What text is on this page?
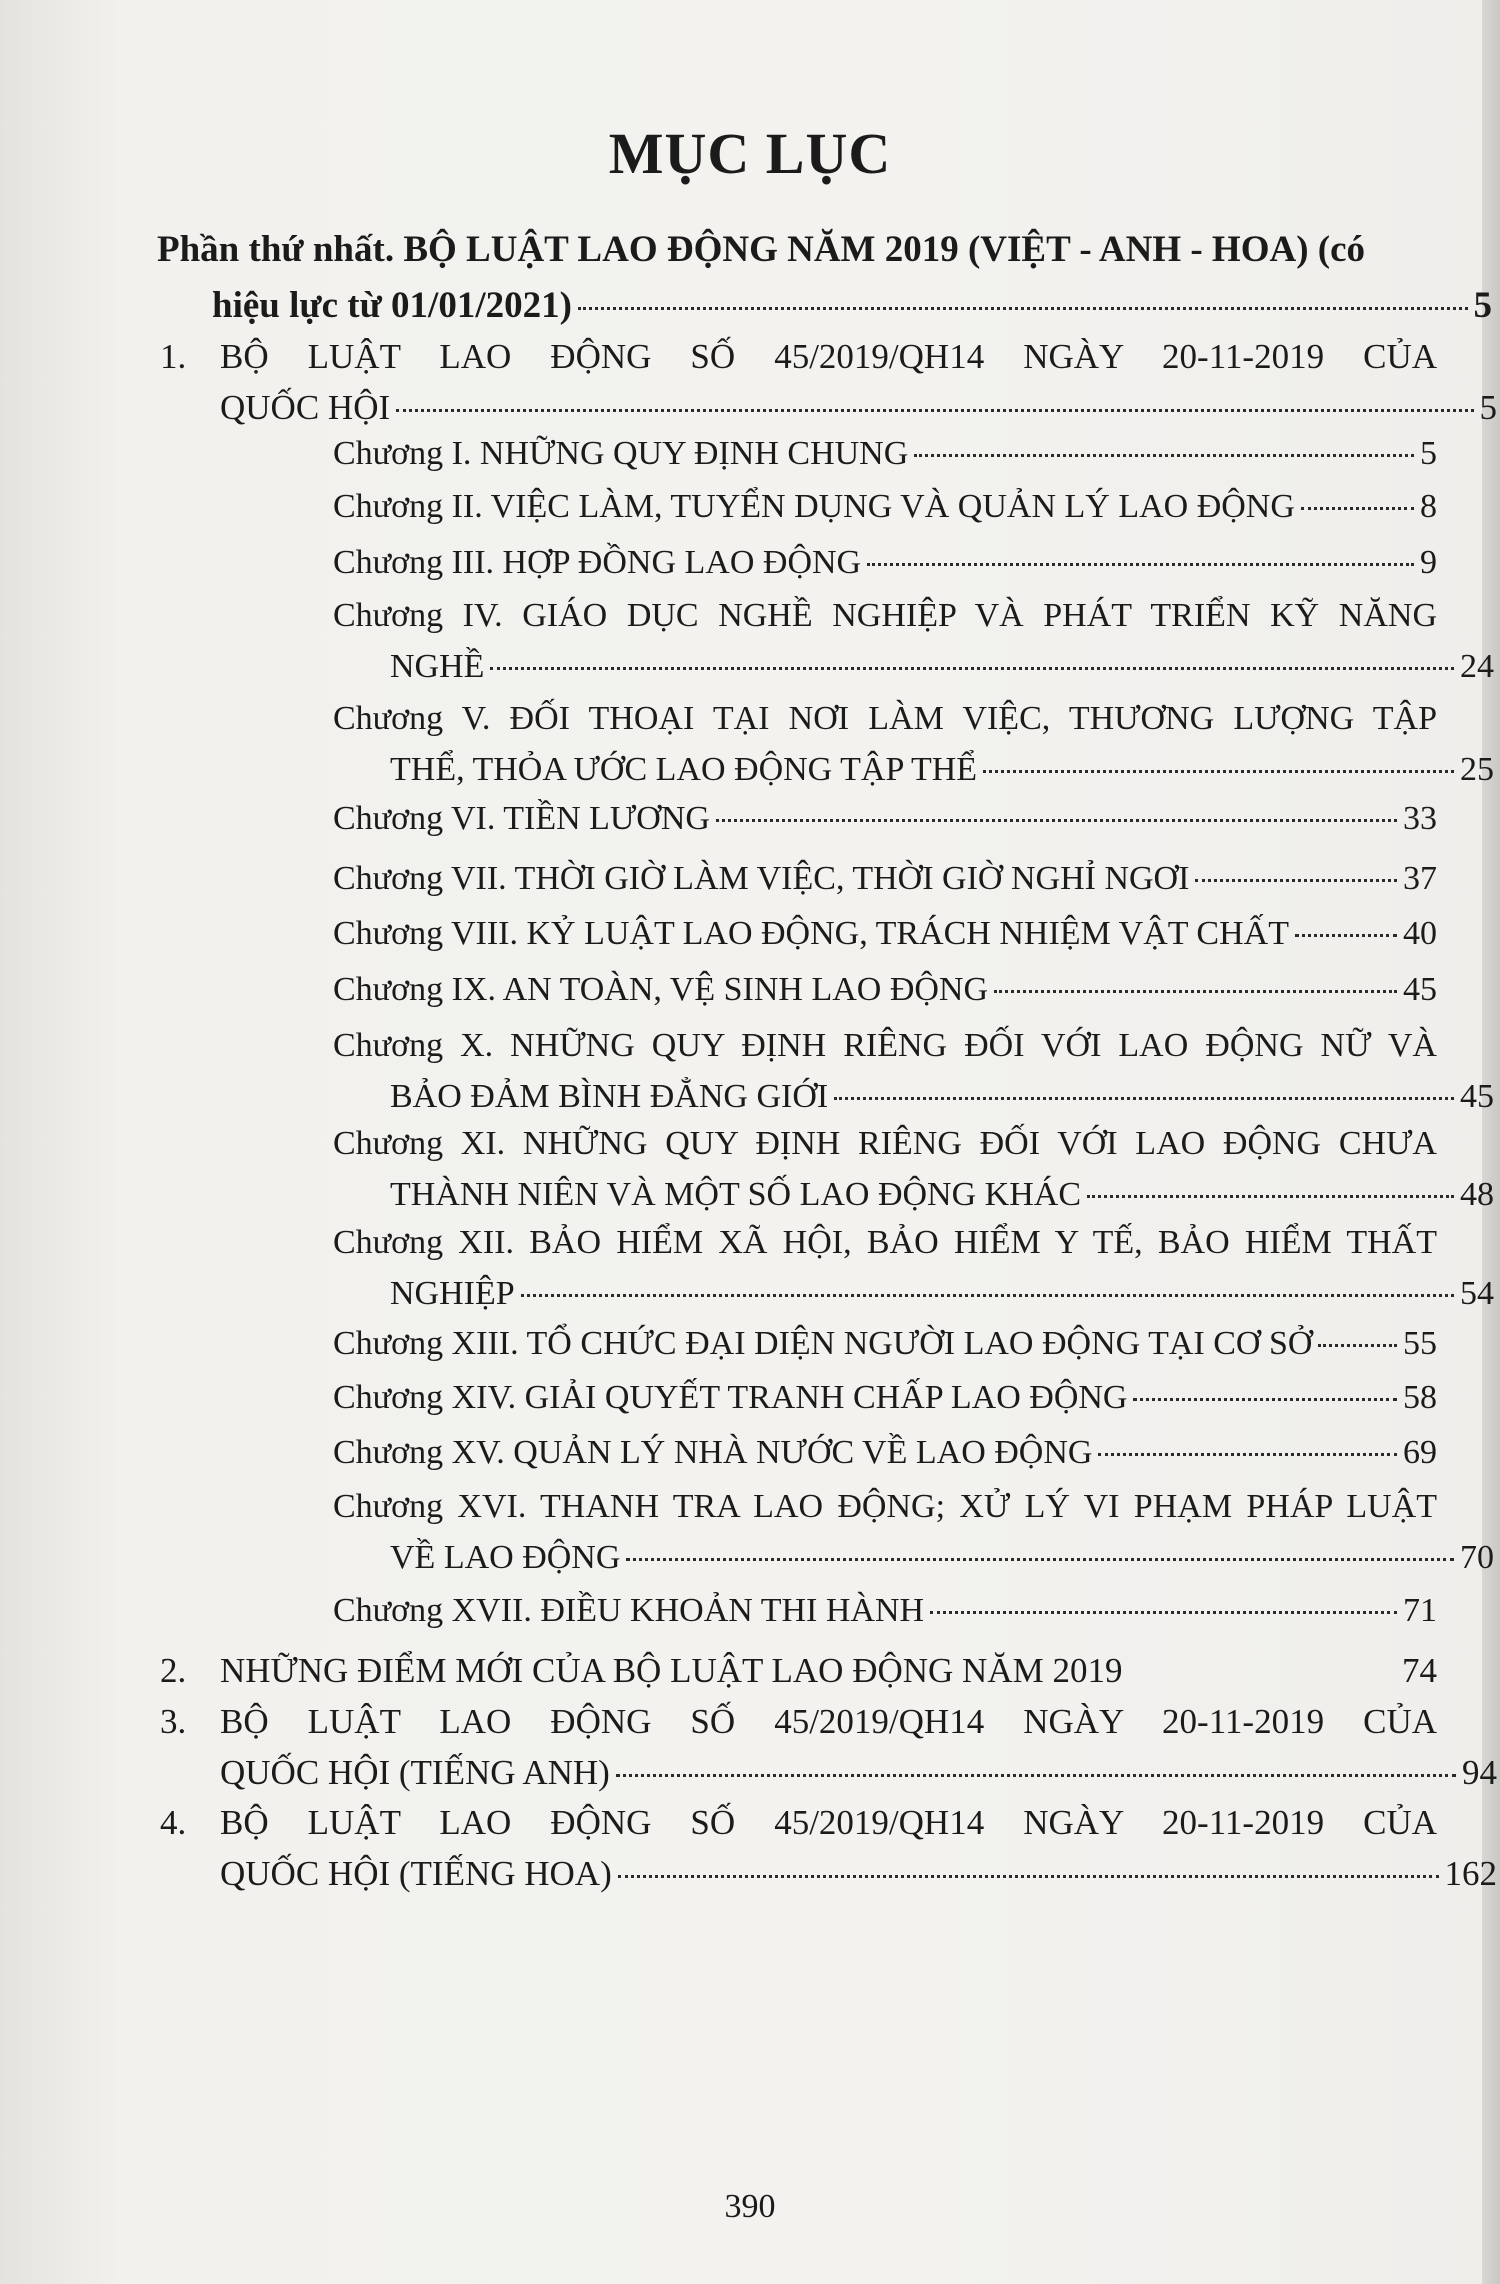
MỤC LỤC
Phần thứ nhất. BỘ LUẬT LAO ĐỘNG NĂM 2019 (VIỆT - ANH - HOA) (có
hiệu lực từ 01/01/2021)	5
1. BỘ LUẬT LAO ĐỘNG SỐ 45/2019/QH14 NGÀY 20-11-2019 CỦA
QUỐC HỘI	5
Chương I. NHỮNG QUY ĐỊNH CHUNG	5
Chương II. VIỆC LÀM, TUYỂN DỤNG VÀ QUẢN LÝ LAO ĐỘNG	8
Chương III. HỢP ĐỒNG LAO ĐỘNG	9
Chương IV. GIÁO DỤC NGHỀ NGHIỆP VÀ PHÁT TRIỂN KỸ NĂNG
NGHỀ	24
Chương V. ĐỐI THOẠI TẠI NƠI LÀM VIỆC, THƯƠNG LƯỢNG TẬP
THỂ, THỎA ƯỚC LAO ĐỘNG TẬP THỂ	25
Chương VI. TIỀN LƯƠNG	33
Chương VII. THỜI GIỜ LÀM VIỆC, THỜI GIỜ NGHỈ NGƠI	37
Chương VIII. KỶ LUẬT LAO ĐỘNG, TRÁCH NHIỆM VẬT CHẤT	40
Chương IX. AN TOÀN, VỆ SINH LAO ĐỘNG	45
Chương X. NHỮNG QUY ĐỊNH RIÊNG ĐỐI VỚI LAO ĐỘNG NỮ VÀ
BẢO ĐẢM BÌNH ĐẲNG GIỚI	45
Chương XI. NHỮNG QUY ĐỊNH RIÊNG ĐỐI VỚI LAO ĐỘNG CHƯA
THÀNH NIÊN VÀ MỘT SỐ LAO ĐỘNG KHÁC	48
Chương XII. BẢO HIỂM XÃ HỘI, BẢO HIỂM Y TẾ, BẢO HIỂM THẤT
NGHIỆP	54
Chương XIII. TỔ CHỨC ĐẠI DIỆN NGƯỜI LAO ĐỘNG TẠI CƠ SỞ	55
Chương XIV. GIẢI QUYẾT TRANH CHẤP LAO ĐỘNG	58
Chương XV. QUẢN LÝ NHÀ NƯỚC VỀ LAO ĐỘNG	69
Chương XVI. THANH TRA LAO ĐỘNG; XỬ LÝ VI PHẠM PHÁP LUẬT
VỀ LAO ĐỘNG	70
Chương XVII. ĐIỀU KHOẢN THI HÀNH	71
2. NHỮNG ĐIỂM MỚI CỦA BỘ LUẬT LAO ĐỘNG NĂM 2019	74
3. BỘ LUẬT LAO ĐỘNG SỐ 45/2019/QH14 NGÀY 20-11-2019 CỦA
QUỐC HỘI (TIẾNG ANH)	94
4. BỘ LUẬT LAO ĐỘNG SỐ 45/2019/QH14 NGÀY 20-11-2019 CỦA
QUỐC HỘI (TIẾNG HOA)	162
390
